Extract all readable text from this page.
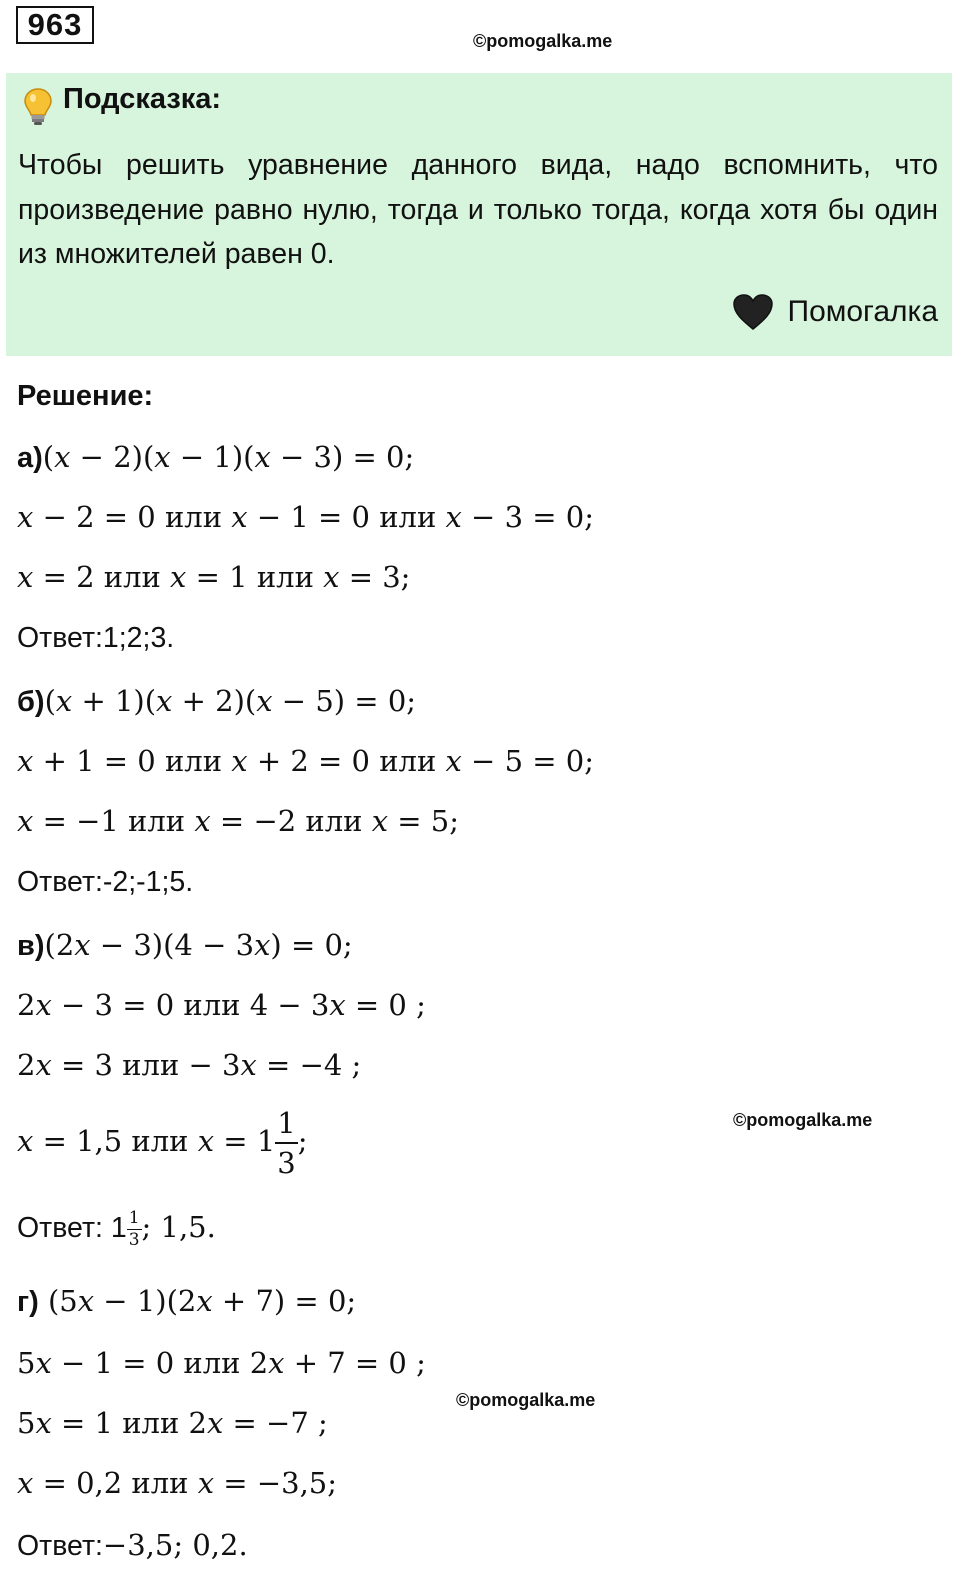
963	©pomogalka.me
Подсказка:
Чтобы решить уравнение данного вида, надо вспомнить, что произведение равно нулю, тогда и только тогда, когда хотя бы один из множителей равен 0.
Помогалка
Решение:
а)(𝑥 − 2)(𝑥 − 1)(𝑥 − 3) = 0;
𝑥 − 2 = 0 или 𝑥 − 1 = 0 или 𝑥 − 3 = 0;
𝑥 = 2 или 𝑥 = 1 или 𝑥 = 3;
Ответ:1;2;3.
б)(𝑥 + 1)(𝑥 + 2)(𝑥 − 5) = 0;
𝑥 + 1 = 0 или 𝑥 + 2 = 0 или 𝑥 − 5 = 0;
𝑥 = −1 или 𝑥 = −2 или 𝑥 = 5;
Ответ:-2;-1;5.
в)(2𝑥 − 3)(4 − 3𝑥) = 0;
2𝑥 − 3 = 0 или 4 − 3𝑥 = 0 ;
2𝑥 = 3 или − 3𝑥 = −4 ;
©pomogalka.me
𝑥 = 1,5 или 𝑥 = $1 \frac{1}{3}$ ;
Ответ: $1 \frac{1}{3}$ ; 1,5.
г) (5𝑥 − 1)(2𝑥 + 7) = 0;
5𝑥 − 1 = 0 или 2𝑥 + 7 = 0 ;
©pomogalka.me
5𝑥 = 1 или 2𝑥 = −7 ;
𝑥 = 0,2 или 𝑥 = −3,5;
Ответ:−3,5; 0,2.
